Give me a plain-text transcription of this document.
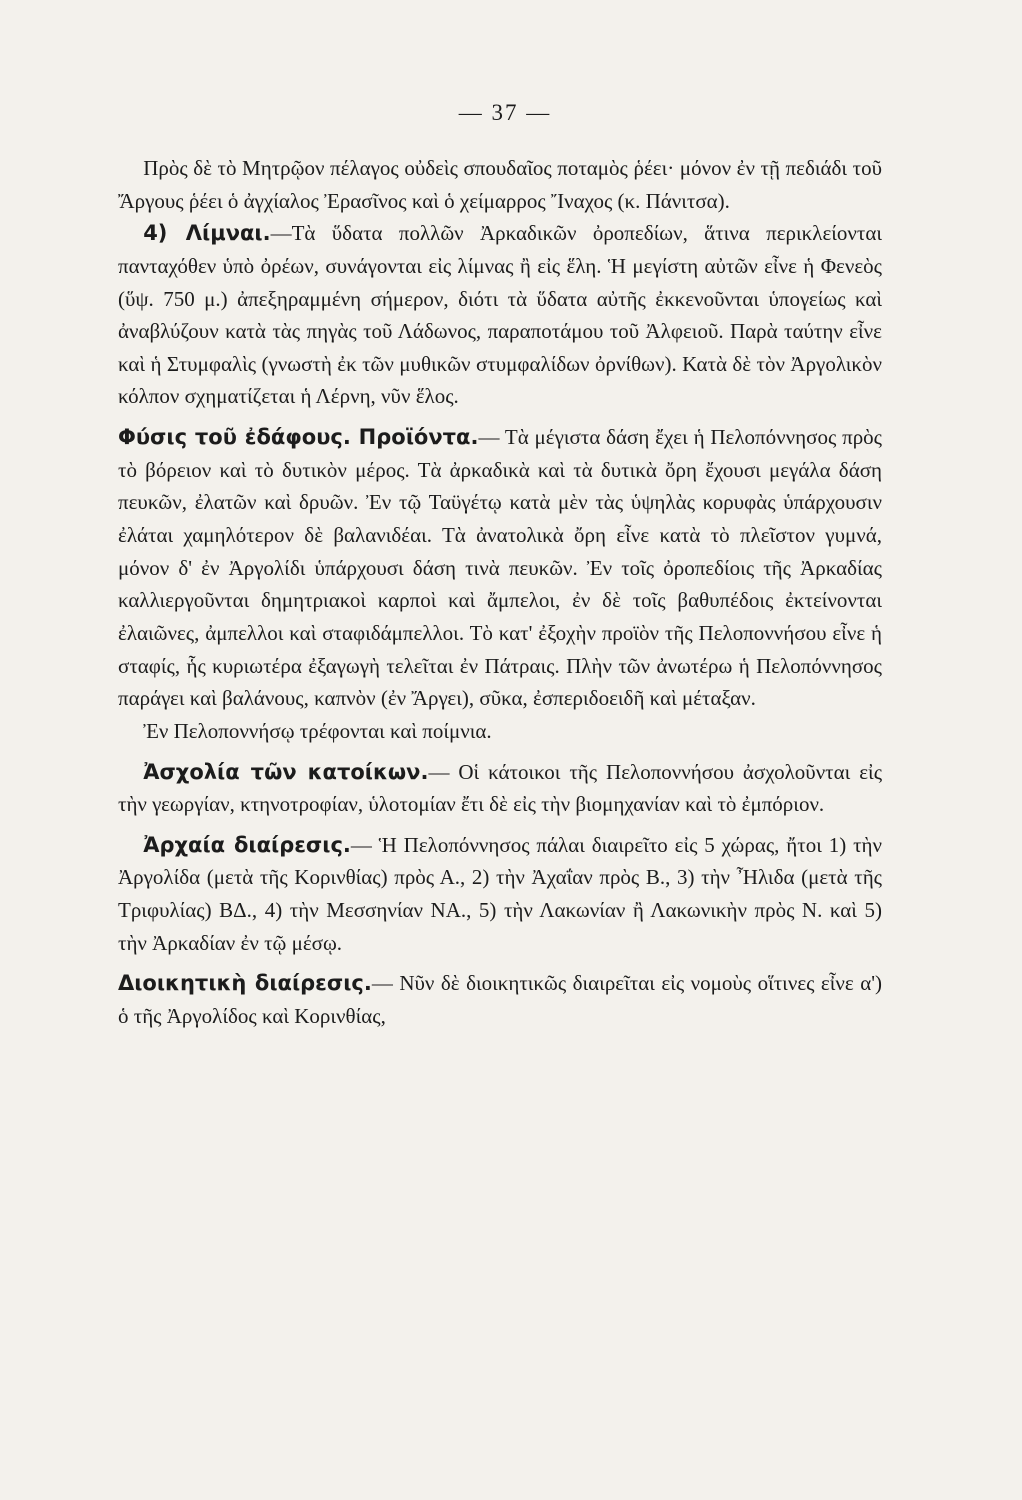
— 37 —

Πρὸς δὲ τὸ Μητρῷον πέλαγος οὐδεὶς σπουδαῖος ποταμὸς ῥέει· μόνον ἐν τῇ πεδιάδι τοῦ Ἄργους ῥέει ὁ ἀγχίαλος Ἐρασῖνος καὶ ὁ χείμαρρος Ἴναχος (κ. Πάνιτσα).

4) Λίμναι.—Τὰ ὕδατα πολλῶν Ἀρκαδικῶν ὀροπεδίων, ἅτινα περικλείονται πανταχόθεν ὑπὸ ὀρέων, συνάγονται εἰς λίμνας ἢ εἰς ἕλη. Ἡ μεγίστη αὐτῶν εἶνε ἡ Φενεὸς (ὕψ. 750 μ.) ἀπεξηραμμένη σήμερον, διότι τὰ ὕδατα αὐτῆς ἐκκενοῦνται ὑπογείως καὶ ἀναβλύζουν κατὰ τὰς πηγὰς τοῦ Λάδωνος, παραποτάμου τοῦ Ἀλφειοῦ. Παρὰ ταύτην εἶνε καὶ ἡ Στυμφαλὶς (γνωστὴ ἐκ τῶν μυθικῶν στυμφαλίδων ὀρνίθων). Κατὰ δὲ τὸν Ἀργολικὸν κόλπον σχηματίζεται ἡ Λέρνη, νῦν ἕλος.

Φύσις τοῦ ἐδάφους. Προϊόντα.— Τὰ μέγιστα δάση ἔχει ἡ Πελοπόννησος πρὸς τὸ βόρειον καὶ τὸ δυτικὸν μέρος. Τὰ ἀρκαδικὰ καὶ τὰ δυτικὰ ὄρη ἔχουσι μεγάλα δάση πευκῶν, ἐλατῶν καὶ δρυῶν. Ἐν τῷ Ταϋγέτῳ κατὰ μὲν τὰς ὑψηλὰς κορυφὰς ὑπάρχουσιν ἐλάται χαμηλότερον δὲ βαλανιδέαι. Τὰ ἀνατολικὰ ὄρη εἶνε κατὰ τὸ πλεῖστον γυμνά, μόνον δ' ἐν Ἀργολίδι ὑπάρχουσι δάση τινὰ πευκῶν. Ἐν τοῖς ὀροπεδίοις τῆς Ἀρκαδίας καλλιεργοῦνται δημητριακοὶ καρποὶ καὶ ἄμπελοι, ἐν δὲ τοῖς βαθυπέδοις ἐκτείνονται ἐλαιῶνες, ἀμπελλοι καὶ σταφιδάμπελλοι. Τὸ κατ' ἐξοχὴν προϊὸν τῆς Πελοποννήσου εἶνε ἡ σταφίς, ἧς κυριωτέρα ἐξαγωγὴ τελεῖται ἐν Πάτραις. Πλὴν τῶν ἀνωτέρω ἡ Πελοπόννησος παράγει καὶ βαλάνους, καπνὸν (ἐν Ἄργει), σῦκα, ἐσπεριδοειδῆ καὶ μέταξαν.

Ἐν Πελοποννήσῳ τρέφονται καὶ ποίμνια.

Ἀσχολία τῶν κατοίκων.— Οἱ κάτοικοι τῆς Πελοποννήσου ἀσχολοῦνται εἰς τὴν γεωργίαν, κτηνοτροφίαν, ὑλοτομίαν ἔτι δὲ εἰς τὴν βιομηχανίαν καὶ τὸ ἐμπόριον.

Ἀρχαία διαίρεσις.— Ἡ Πελοπόννησος πάλαι διαιρεῖτο εἰς 5 χώρας, ἤτοι 1) τὴν Ἀργολίδα (μετὰ τῆς Κορινθίας) πρὸς Α., 2) τὴν Ἀχαΐαν πρὸς Β., 3) τὴν Ἦλιδα (μετὰ τῆς Τριφυλίας) ΒΔ., 4) τὴν Μεσσηνίαν ΝΑ., 5) τὴν Λακωνίαν ἢ Λακωνικὴν πρὸς Ν. καὶ 5) τὴν Ἀρκαδίαν ἐν τῷ μέσῳ.

Διοικητικὴ διαίρεσις.— Νῦν δὲ διοικητικῶς διαιρεῖται εἰς νομοὺς οἵτινες εἶνε α') ὁ τῆς Ἀργολίδος καὶ Κορινθίας,
